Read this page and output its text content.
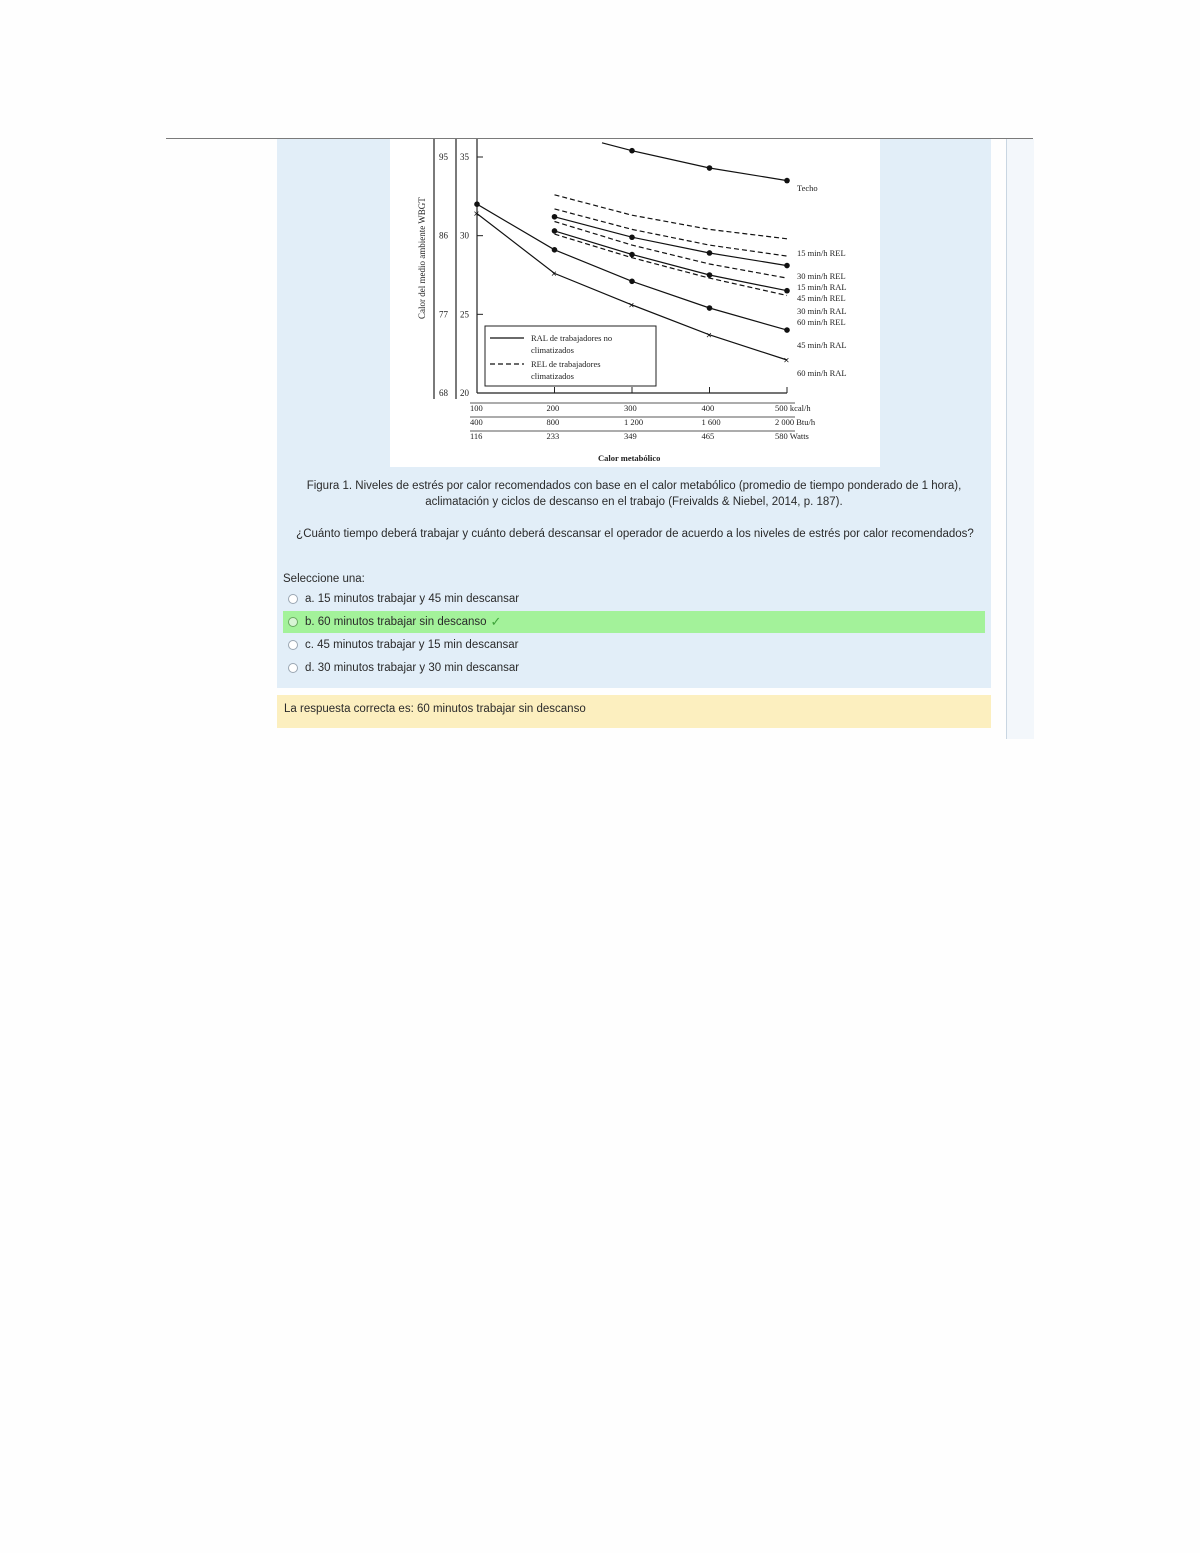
20
68
25
77
30
86
35
95
Calor del medio ambiente WBGT
100	200	300	400	500 kcal/h
400	800	1 200	1 600	2 000 Btu/h
116	233	349	465	580 Watts
Calor metabólico
Techo
15 min/h REL
30 min/h REL
15 min/h RAL
45 min/h REL
30 min/h RAL
60 min/h REL
45 min/h RAL
×
×
×
×
×
60 min/h RAL
RAL de trabajadores no
climatizados
REL de trabajadores
climatizados
Figura 1. Niveles de estrés por calor recomendados con base en el calor metabólico (promedio de tiempo ponderado de 1 hora),
aclimatación y ciclos de descanso en el trabajo (Freivalds & Niebel, 2014, p. 187).
¿Cuánto tiempo deberá trabajar y cuánto deberá descansar el operador de acuerdo a los niveles de estrés por calor recomendados?
Seleccione una:
a. 15 minutos trabajar y 45 min descansar
b. 60 minutos trabajar sin descanso ✓
c. 45 minutos trabajar y 15 min descansar
d. 30 minutos trabajar y 30 min descansar
La respuesta correcta es: 60 minutos trabajar sin descanso
